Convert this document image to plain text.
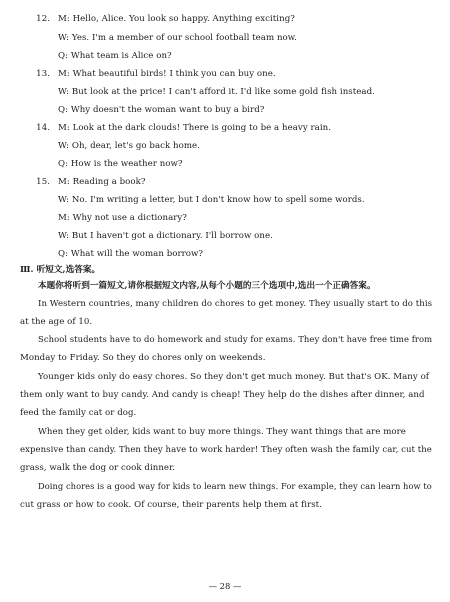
12. M: Hello, Alice. You look so happy. Anything exciting?
W: Yes. I'm a member of our school football team now.
Q: What team is Alice on?
13. M: What beautiful birds! I think you can buy one.
W: But look at the price! I can't afford it. I'd like some gold fish instead.
Q: Why doesn't the woman want to buy a bird?
14. M: Look at the dark clouds! There is going to be a heavy rain.
W: Oh, dear, let's go back home.
Q: How is the weather now?
15. M: Reading a book?
W: No. I'm writing a letter, but I don't know how to spell some words.
M: Why not use a dictionary?
W: But I haven't got a dictionary. I'll borrow one.
Q: What will the woman borrow?
Ⅲ. 听短文,选答案。
本题你将听到一篇短文,请你根据短文内容,从每个小题的三个选项中,选出一个正确答案。
In Western countries, many children do chores to get money. They usually start to do this
at the age of 10.
School students have to do homework and study for exams. They don't have free time from
Monday to Friday. So they do chores only on weekends.
Younger kids only do easy chores. So they don't get much money. But that's OK. Many of
them only want to buy candy. And candy is cheap! They help do the dishes after dinner, and
feed the family cat or dog.
When they get older, kids want to buy more things. They want things that are more
expensive than candy. Then they have to work harder! They often wash the family car, cut the
grass, walk the dog or cook dinner.
Doing chores is a good way for kids to learn new things. For example, they can learn how to
cut grass or how to cook. Of course, their parents help them at first.
— 28 —
